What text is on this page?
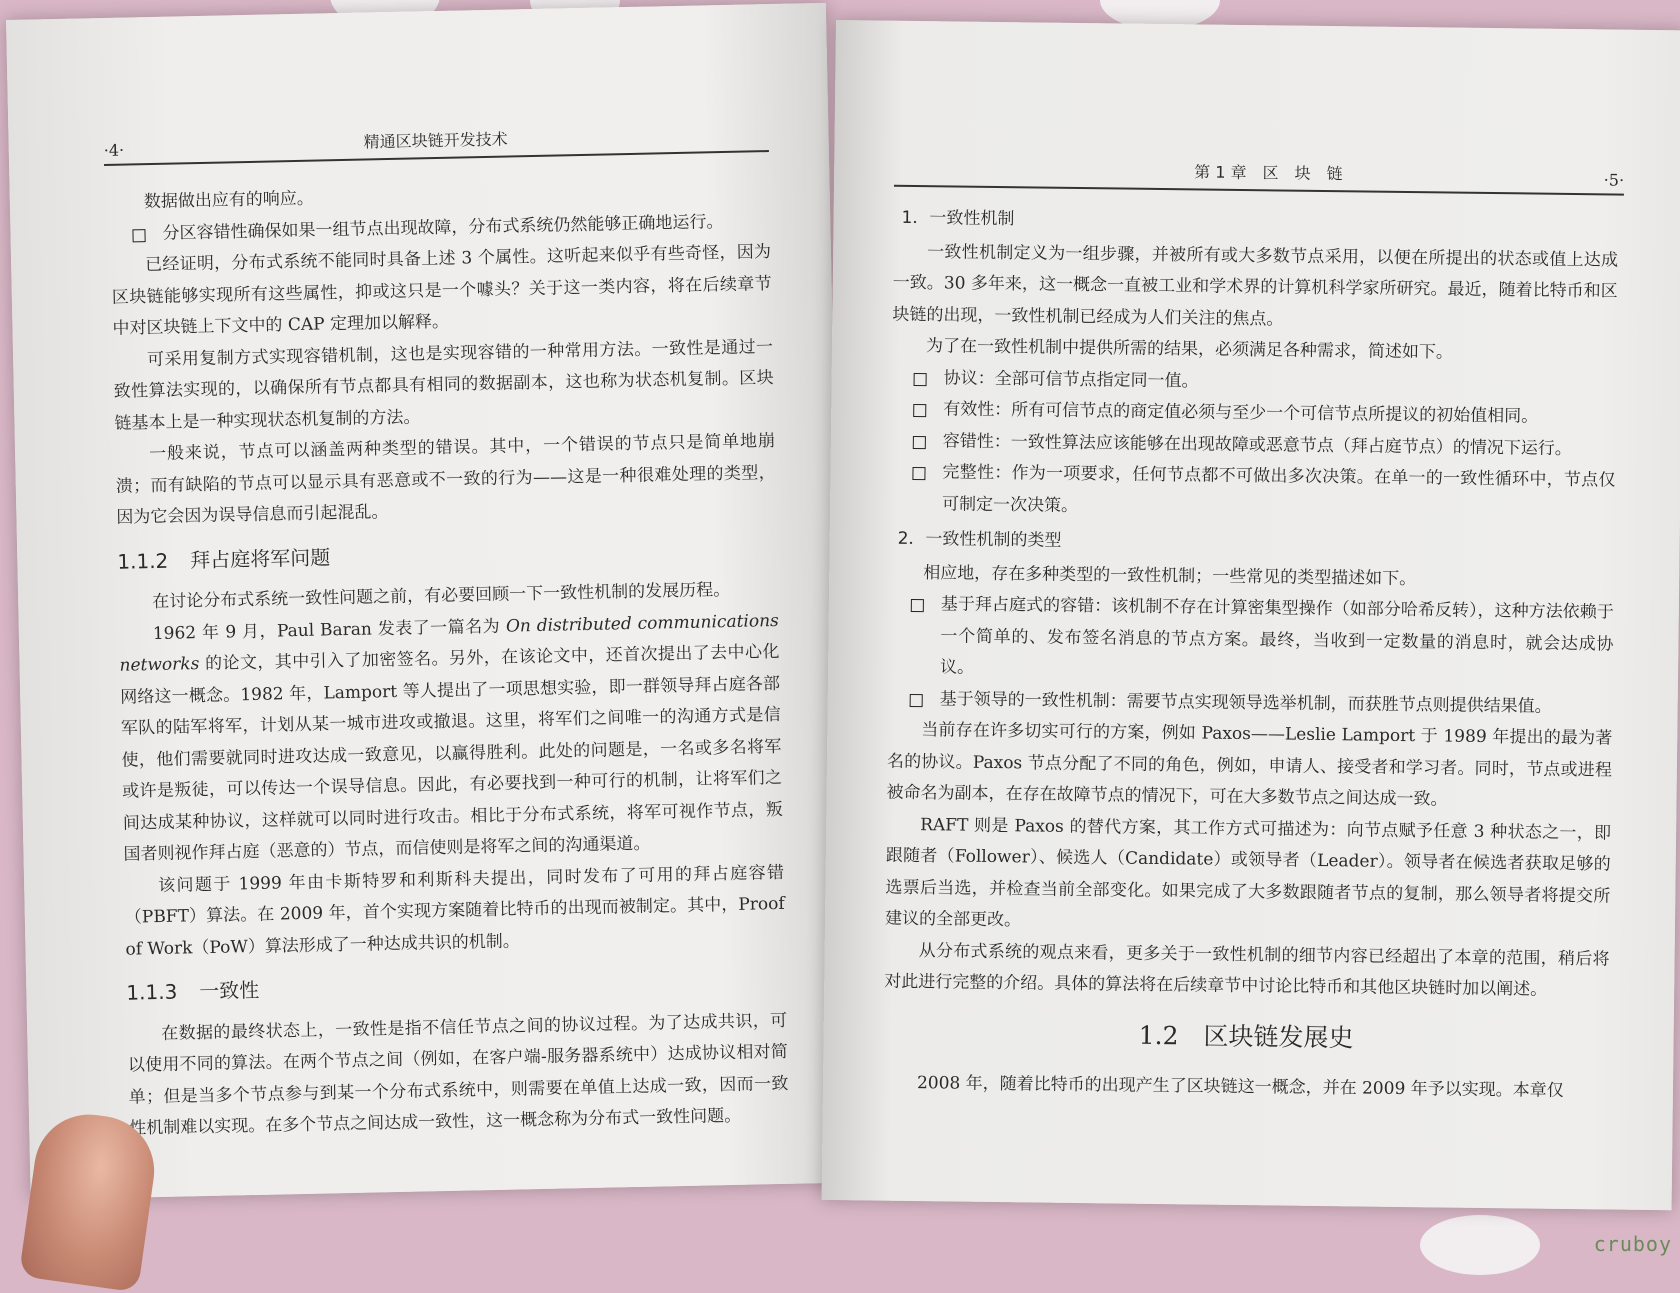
·4·	精通区块链开发技术

数据做出应有的响应。

分区容错性确保如果一组节点出现故障，分布式系统仍然能够正确地运行。

已经证明，分布式系统不能同时具备上述 3 个属性。这听起来似乎有些奇怪，因为区块链能够实现所有这些属性，抑或这只是一个噱头？关于这一类内容，将在后续章节中对区块链上下文中的 CAP 定理加以解释。

可采用复制方式实现容错机制，这也是实现容错的一种常用方法。一致性是通过一致性算法实现的，以确保所有节点都具有相同的数据副本，这也称为状态机复制。区块链基本上是一种实现状态机复制的方法。

一般来说，节点可以涵盖两种类型的错误。其中，一个错误的节点只是简单地崩溃；而有缺陷的节点可以显示具有恶意或不一致的行为——这是一种很难处理的类型，因为它会因为误导信息而引起混乱。

1.1.2 拜占庭将军问题

在讨论分布式系统一致性问题之前，有必要回顾一下一致性机制的发展历程。

1962 年 9 月，Paul Baran 发表了一篇名为 On distributed communications networks 的论文，其中引入了加密签名。另外，在该论文中，还首次提出了去中心化网络这一概念。1982 年，Lamport 等人提出了一项思想实验，即一群领导拜占庭各部军队的陆军将军，计划从某一城市进攻或撤退。这里，将军们之间唯一的沟通方式是信使，他们需要就同时进攻达成一致意见，以赢得胜利。此处的问题是，一名或多名将军或许是叛徒，可以传达一个误导信息。因此，有必要找到一种可行的机制，让将军们之间达成某种协议，这样就可以同时进行攻击。相比于分布式系统，将军可视作节点，叛国者则视作拜占庭（恶意的）节点，而信使则是将军之间的沟通渠道。

该问题于 1999 年由卡斯特罗和利斯科夫提出，同时发布了可用的拜占庭容错（PBFT）算法。在 2009 年，首个实现方案随着比特币的出现而被制定。其中，Proof of Work（PoW）算法形成了一种达成共识的机制。

1.1.3 一致性

在数据的最终状态上，一致性是指不信任节点之间的协议过程。为了达成共识，可以使用不同的算法。在两个节点之间（例如，在客户端-服务器系统中）达成协议相对简单；但是当多个节点参与到某一个分布式系统中，则需要在单值上达成一致，因而一致性机制难以实现。在多个节点之间达成一致性，这一概念称为分布式一致性问题。

第 1 章　区　块　链	·5·
1．一致性机制

一致性机制定义为一组步骤，并被所有或大多数节点采用，以便在所提出的状态或值上达成一致。30 多年来，这一概念一直被工业和学术界的计算机科学家所研究。最近，随着比特币和区块链的出现，一致性机制已经成为人们关注的焦点。

为了在一致性机制中提供所需的结果，必须满足各种需求，简述如下。

协议：全部可信节点指定同一值。

有效性：所有可信节点的商定值必须与至少一个可信节点所提议的初始值相同。

容错性：一致性算法应该能够在出现故障或恶意节点（拜占庭节点）的情况下运行。

完整性：作为一项要求，任何节点都不可做出多次决策。在单一的一致性循环中，节点仅可制定一次决策。

2．一致性机制的类型

相应地，存在多种类型的一致性机制；一些常见的类型描述如下。

基于拜占庭式的容错：该机制不存在计算密集型操作（如部分哈希反转），这种方法依赖于一个简单的、发布签名消息的节点方案。最终，当收到一定数量的消息时，就会达成协议。

基于领导的一致性机制：需要节点实现领导选举机制，而获胜节点则提供结果值。

当前存在许多切实可行的方案，例如 Paxos——Leslie Lamport 于 1989 年提出的最为著名的协议。Paxos 节点分配了不同的角色，例如，申请人、接受者和学习者。同时，节点或进程被命名为副本，在存在故障节点的情况下，可在大多数节点之间达成一致。

RAFT 则是 Paxos 的替代方案，其工作方式可描述为：向节点赋予任意 3 种状态之一，即跟随者（Follower）、候选人（Candidate）或领导者（Leader）。领导者在候选者获取足够的选票后当选，并检查当前全部变化。如果完成了大多数跟随者节点的复制，那么领导者将提交所建议的全部更改。

从分布式系统的观点来看，更多关于一致性机制的细节内容已经超出了本章的范围，稍后将对此进行完整的介绍。具体的算法将在后续章节中讨论比特币和其他区块链时加以阐述。

1.2　区块链发展史

2008 年，随着比特币的出现产生了区块链这一概念，并在 2009 年予以实现。本章仅

cruboy
